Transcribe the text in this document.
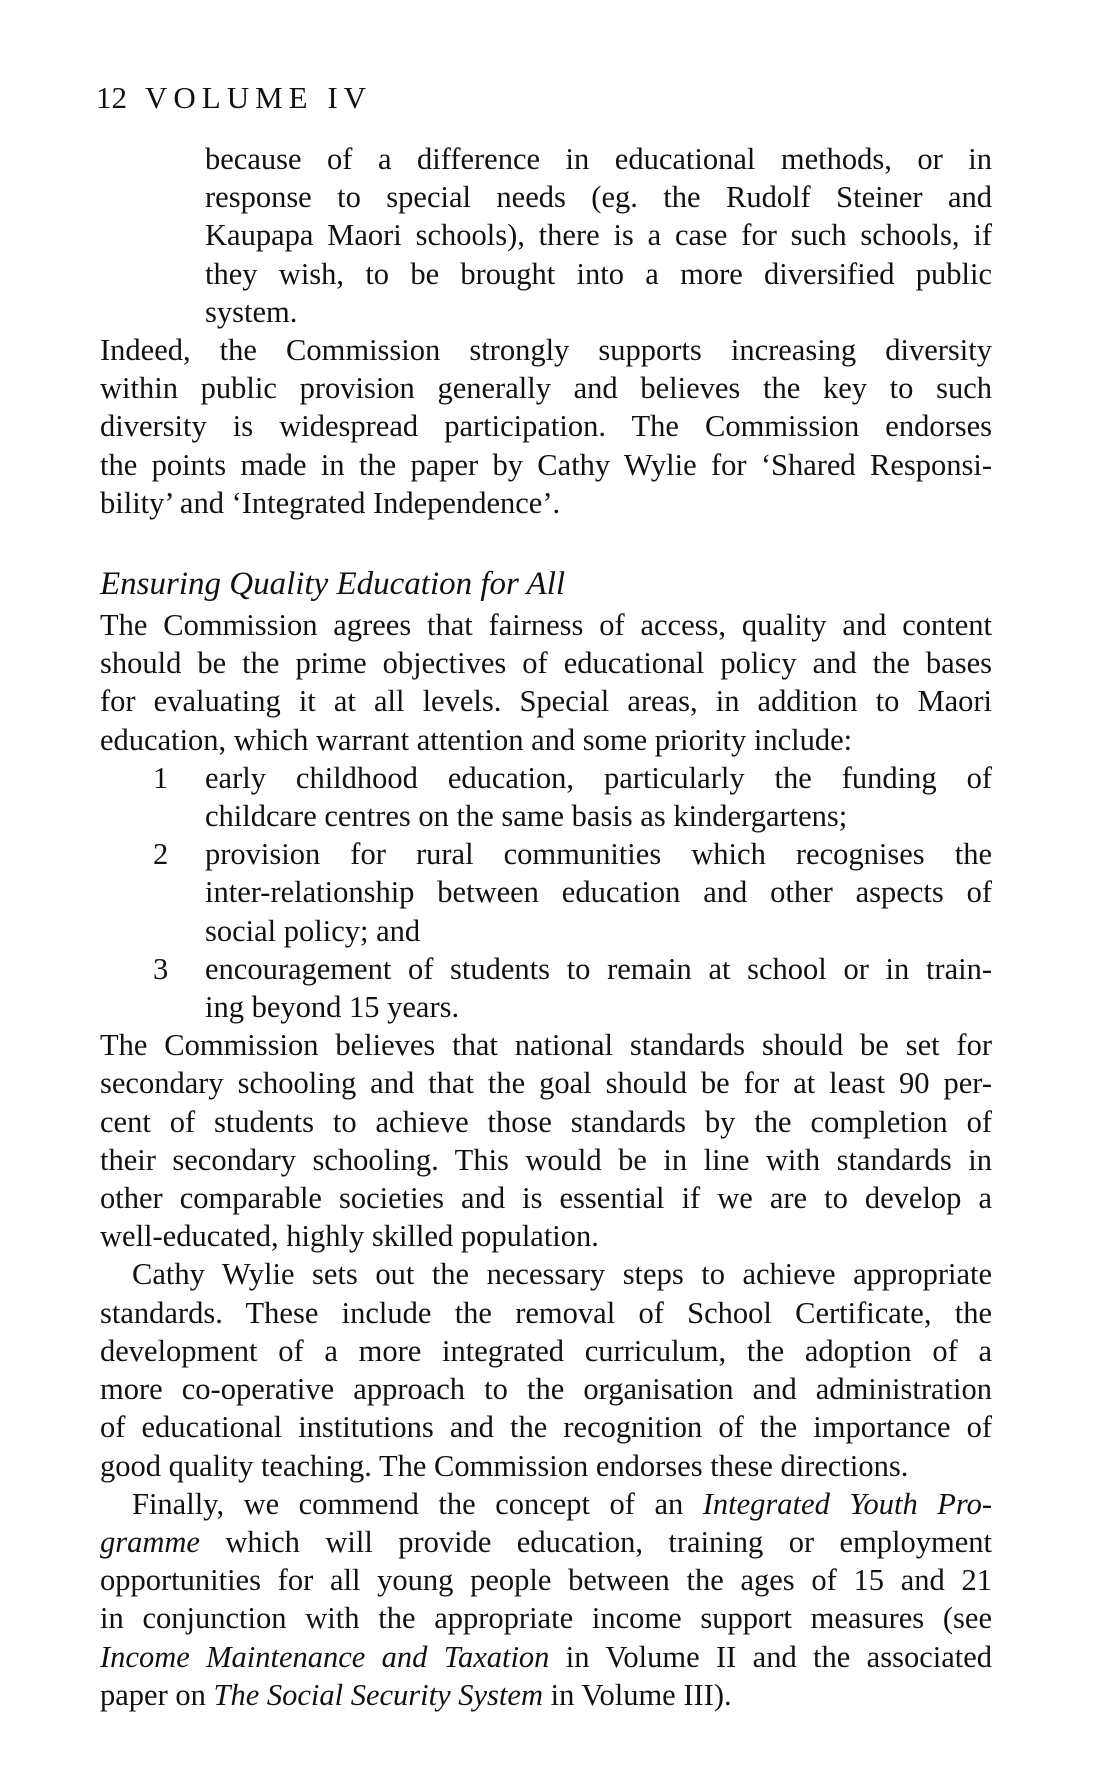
12 VOLUME IV
because of a difference in educational methods, or in
response to special needs (eg. the Rudolf Steiner and
Kaupapa Maori schools), there is a case for such schools, if
they wish, to be brought into a more diversified public
system.
Indeed, the Commission strongly supports increasing diversity
within public provision generally and believes the key to such
diversity is widespread participation. The Commission endorses
the points made in the paper by Cathy Wylie for ‘Shared Responsi-
bility’ and ‘Integrated Independence’.
Ensuring Quality Education for All
The Commission agrees that fairness of access, quality and content
should be the prime objectives of educational policy and the bases
for evaluating it at all levels. Special areas, in addition to Maori
education, which warrant attention and some priority include:
1 early childhood education, particularly the funding of
childcare centres on the same basis as kindergartens;
2 provision for rural communities which recognises the
inter-relationship between education and other aspects of
social policy; and
3 encouragement of students to remain at school or in train-
ing beyond 15 years.
The Commission believes that national standards should be set for
secondary schooling and that the goal should be for at least 90 per-
cent of students to achieve those standards by the completion of
their secondary schooling. This would be in line with standards in
other comparable societies and is essential if we are to develop a
well-educated, highly skilled population.
Cathy Wylie sets out the necessary steps to achieve appropriate
standards. These include the removal of School Certificate, the
development of a more integrated curriculum, the adoption of a
more co-operative approach to the organisation and administration
of educational institutions and the recognition of the importance of
good quality teaching. The Commission endorses these directions.
Finally, we commend the concept of an Integrated Youth Pro-
gramme which will provide education, training or employment
opportunities for all young people between the ages of 15 and 21
in conjunction with the appropriate income support measures (see
Income Maintenance and Taxation in Volume II and the associated
paper on The Social Security System in Volume III).
